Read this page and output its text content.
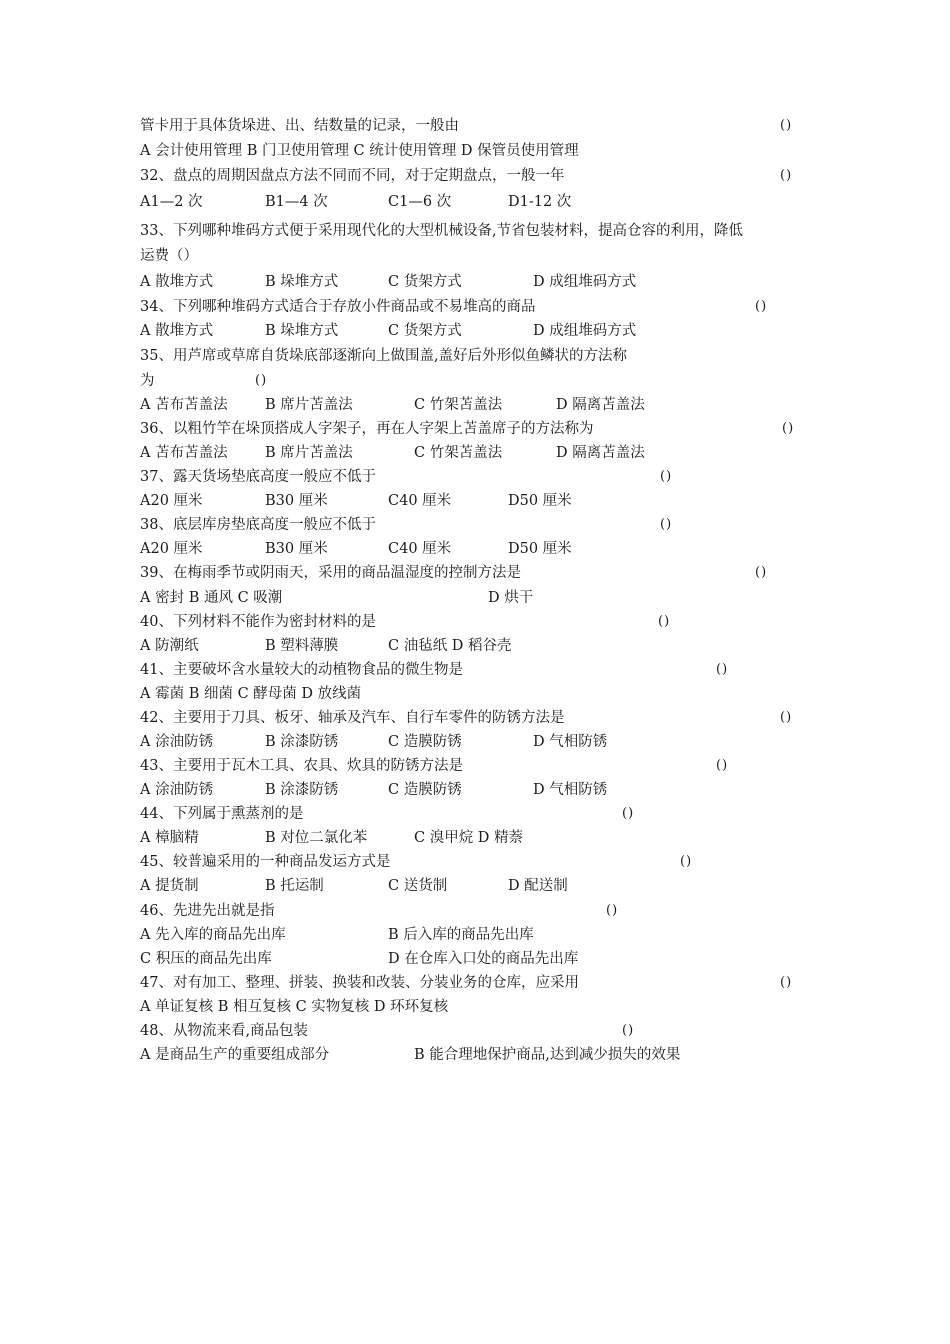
管卡用于具体货垛进、出、结数量的记录，一般由	()
A 会计使用管理 B 门卫使用管理 C 统计使用管理 D 保管员使用管理
32、盘点的周期因盘点方法不同而不同，对于定期盘点，一般一年	()
A1—2 次	B1—4 次	C1—6 次	D1-12 次
33、下列哪种堆码方式便于采用现代化的大型机械设备,节省包装材料，提高仓容的利用，降低
运费（）
A 散堆方式	B 垛堆方式	C 货架方式	D 成组堆码方式
34、下列哪种堆码方式适合于存放小件商品或不易堆高的商品	()
A 散堆方式	B 垛堆方式	C 货架方式	D 成组堆码方式
35、用芦席或草席自货垛底部逐渐向上做围盖,盖好后外形似鱼鳞状的方法称
为	()
A 苫布苫盖法	B 席片苫盖法	C 竹架苫盖法	D 隔离苫盖法
36、以粗竹竿在垛顶搭成人字架子，再在人字架上苫盖席子的方法称为	()
A 苫布苫盖法	B 席片苫盖法	C 竹架苫盖法	D 隔离苫盖法
37、露天货场垫底高度一般应不低于	()
A20 厘米	B30 厘米	C40 厘米	D50 厘米
38、底层库房垫底高度一般应不低于	()
A20 厘米	B30 厘米	C40 厘米	D50 厘米
39、在梅雨季节或阴雨天，采用的商品温湿度的控制方法是	()
A 密封 B 通风 C 吸潮	D 烘干
40、下列材料不能作为密封材料的是	()
A 防潮纸	B 塑料薄膜	C 油毡纸 D 稻谷壳
41、主要破坏含水量较大的动植物食品的微生物是	()
A 霉菌 B 细菌 C 酵母菌 D 放线菌
42、主要用于刀具、板牙、轴承及汽车、自行车零件的防锈方法是	()
A 涂油防锈	B 涂漆防锈	C 造膜防锈	D 气相防锈
43、主要用于瓦木工具、农具、炊具的防锈方法是	()
A 涂油防锈	B 涂漆防锈	C 造膜防锈	D 气相防锈
44、下列属于熏蒸剂的是	()
A 樟脑精	B 对位二氯化苯	C 溴甲烷 D 精萘
45、较普遍采用的一种商品发运方式是	()
A 提货制	B 托运制	C 送货制	D 配送制
46、先进先出就是指	()
A 先入库的商品先出库	B 后入库的商品先出库
C 积压的商品先出库	D 在仓库入口处的商品先出库
47、对有加工、整理、拼装、换装和改装、分装业务的仓库，应采用	()
A 单证复核 B 相互复核 C 实物复核 D 环环复核
48、从物流来看,商品包装	()
A 是商品生产的重要组成部分	B 能合理地保护商品,达到减少损失的效果
